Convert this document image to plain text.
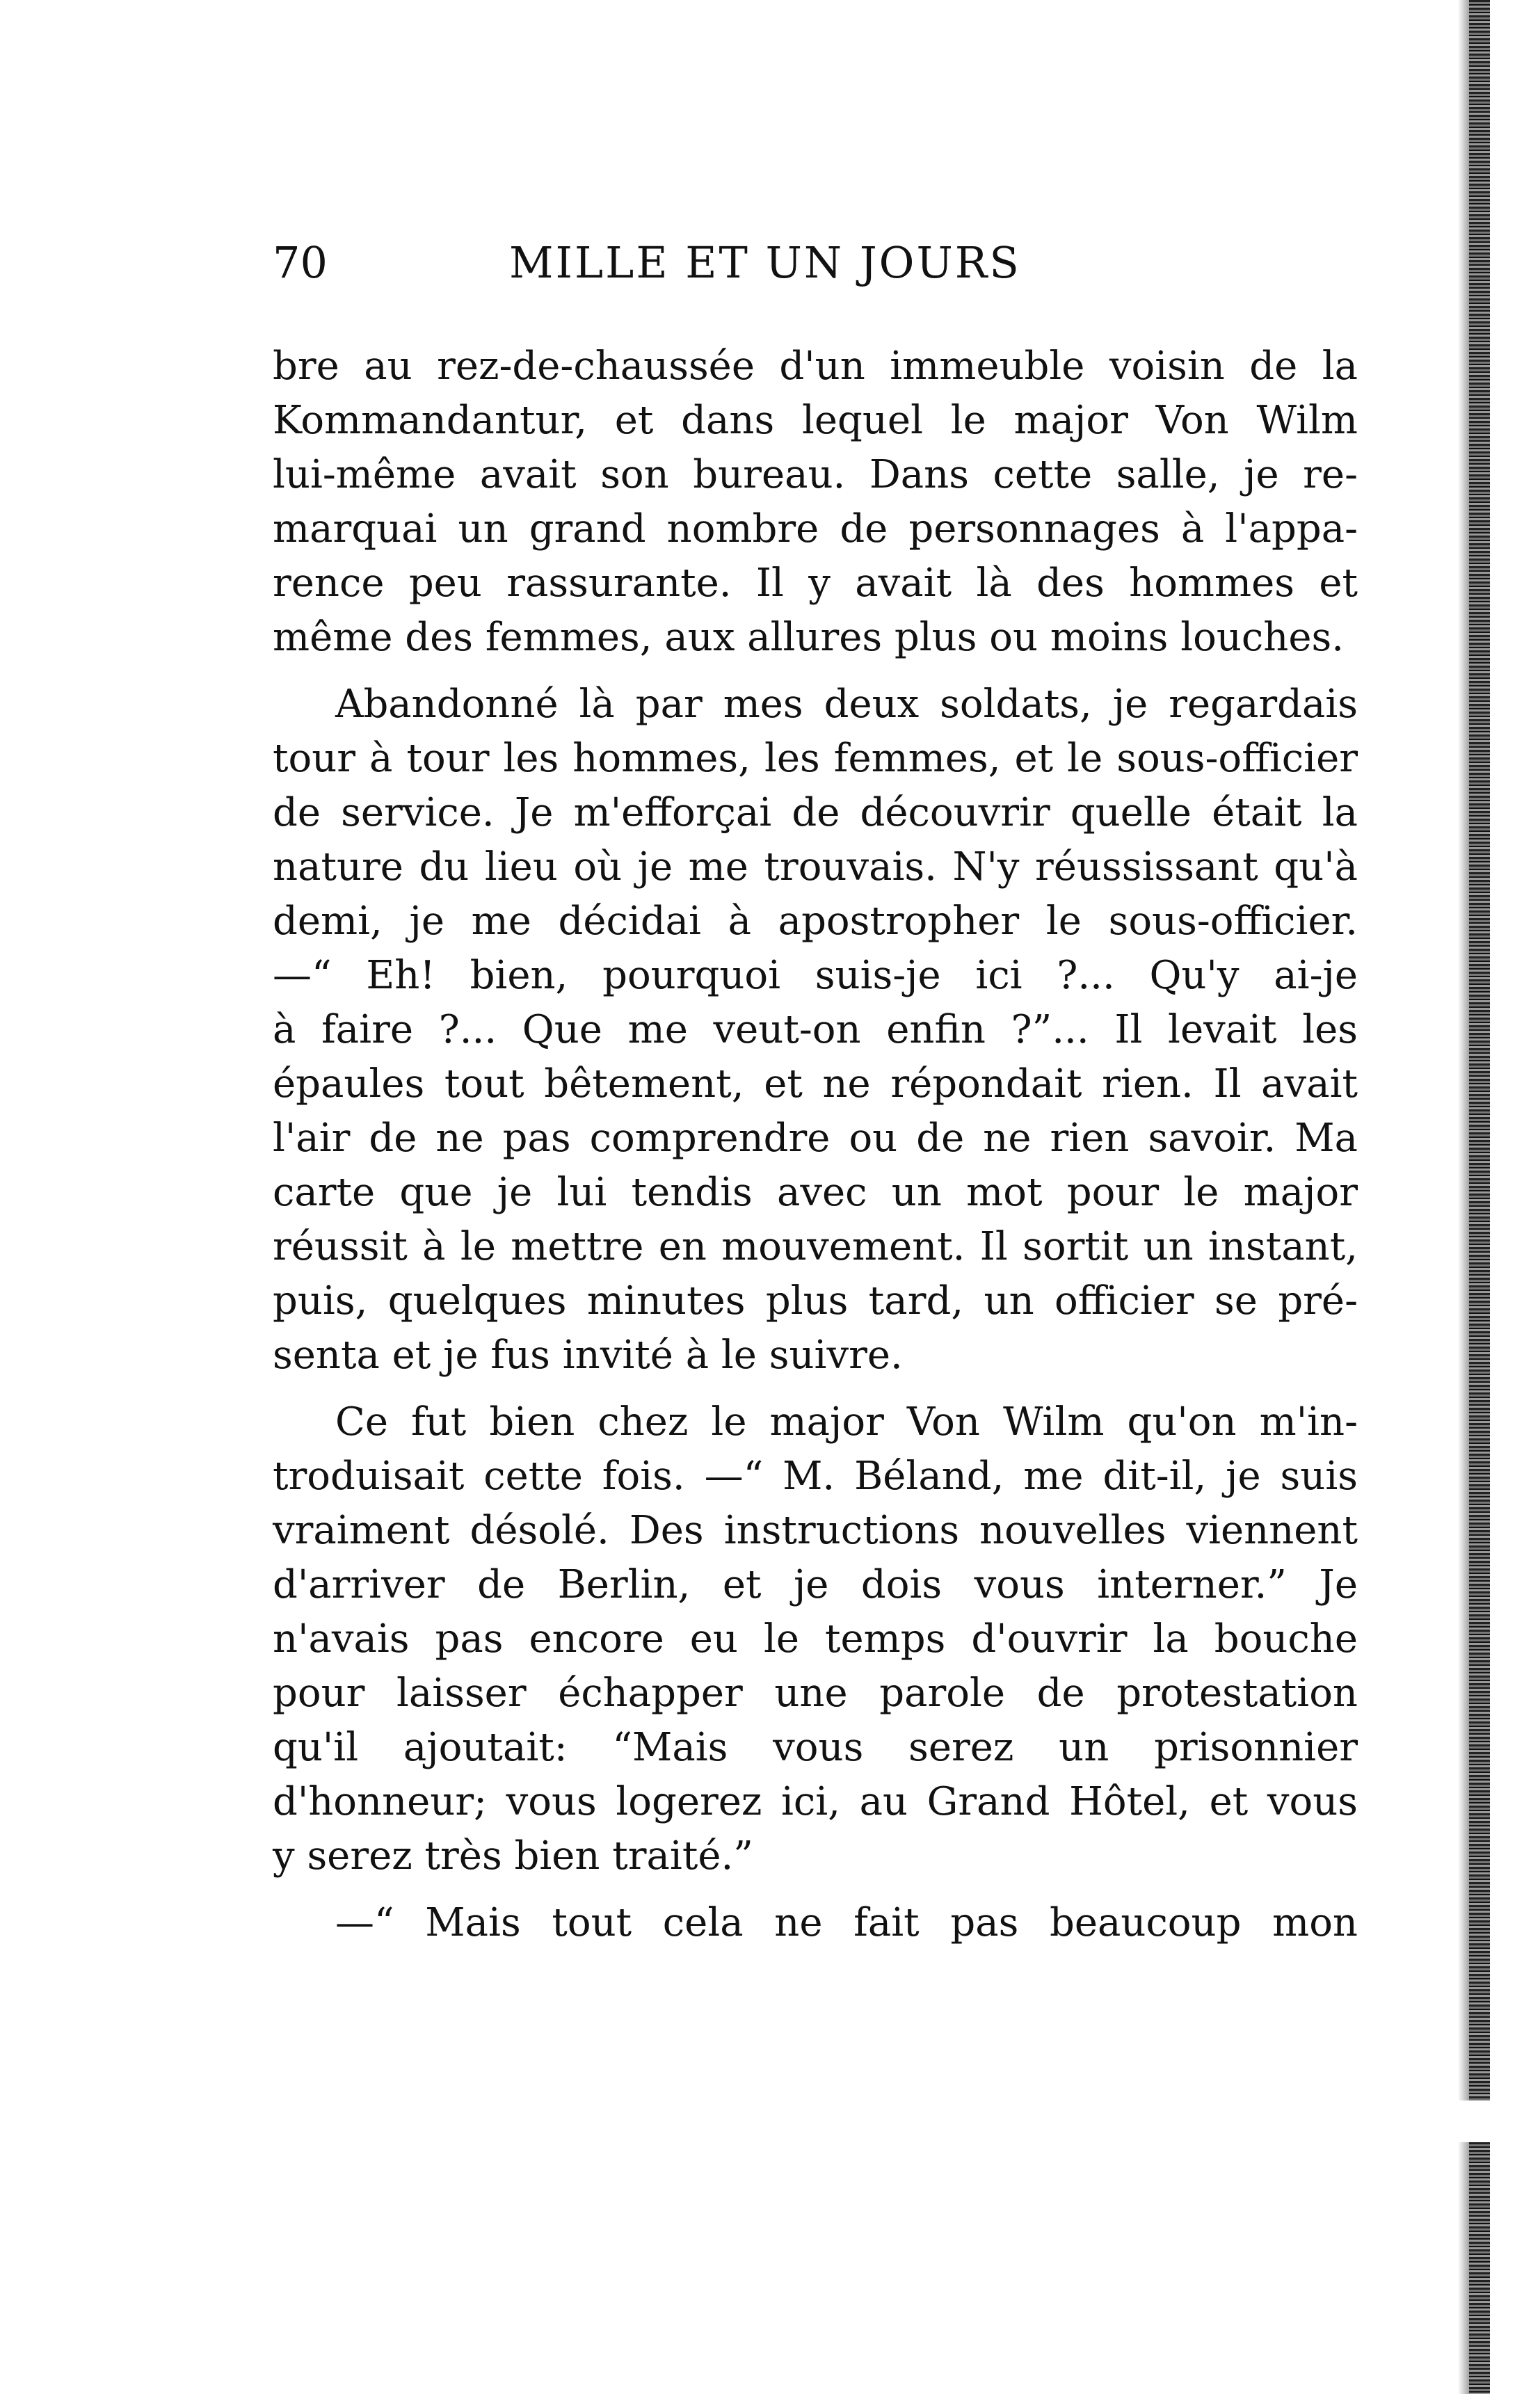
70	MILLE ET UN JOURS
bre au rez-de-chaussée d'un immeuble voisin de la
Kommandantur, et dans lequel le major Von Wilm
lui-même avait son bureau. Dans cette salle, je re-
marquai un grand nombre de personnages à l'appa-
rence peu rassurante. Il y avait là des hommes et
même des femmes, aux allures plus ou moins louches.
Abandonné là par mes deux soldats, je regardais
tour à tour les hommes, les femmes, et le sous-officier
de service. Je m'efforçai de découvrir quelle était la
nature du lieu où je me trouvais. N'y réussissant qu'à
demi, je me décidai à apostropher le sous-officier.
—“ Eh! bien, pourquoi suis-je ici ?... Qu'y ai-je
à faire ?... Que me veut-on enfin ?”... Il levait les
épaules tout bêtement, et ne répondait rien. Il avait
l'air de ne pas comprendre ou de ne rien savoir. Ma
carte que je lui tendis avec un mot pour le major
réussit à le mettre en mouvement. Il sortit un instant,
puis, quelques minutes plus tard, un officier se pré-
senta et je fus invité à le suivre.
Ce fut bien chez le major Von Wilm qu'on m'in-
troduisait cette fois. —“ M. Béland, me dit-il, je suis
vraiment désolé. Des instructions nouvelles viennent
d'arriver de Berlin, et je dois vous interner.” Je
n'avais pas encore eu le temps d'ouvrir la bouche
pour laisser échapper une parole de protestation
qu'il ajoutait: “Mais vous serez un prisonnier
d'honneur; vous logerez ici, au Grand Hôtel, et vous
y serez très bien traité.”
—“ Mais tout cela ne fait pas beaucoup mon
